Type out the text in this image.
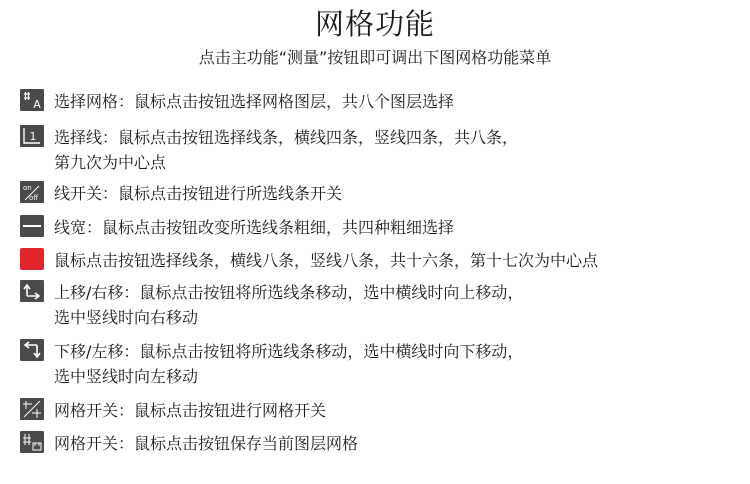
网格功能
点击主功能“测量”按钮即可调出下图网格功能菜单
A 选择网格：鼠标点击按钮选择网格图层，共八个图层选择
1 选择线：鼠标点击按钮选择线条，横线四条，竖线四条，共八条，
第九次为中心点
on
off 线开关：鼠标点击按钮进行所选线条开关
线宽：鼠标点击按钮改变所选线条粗细，共四种粗细选择
鼠标点击按钮选择线条，横线八条，竖线八条，共十六条，第十七次为中心点
上移/右移：鼠标点击按钮将所选线条移动，选中横线时向上移动，
选中竖线时向右移动
下移/左移：鼠标点击按钮将所选线条移动，选中横线时向下移动，
选中竖线时向左移动
网格开关：鼠标点击按钮进行网格开关
网格开关：鼠标点击按钮保存当前图层网格
